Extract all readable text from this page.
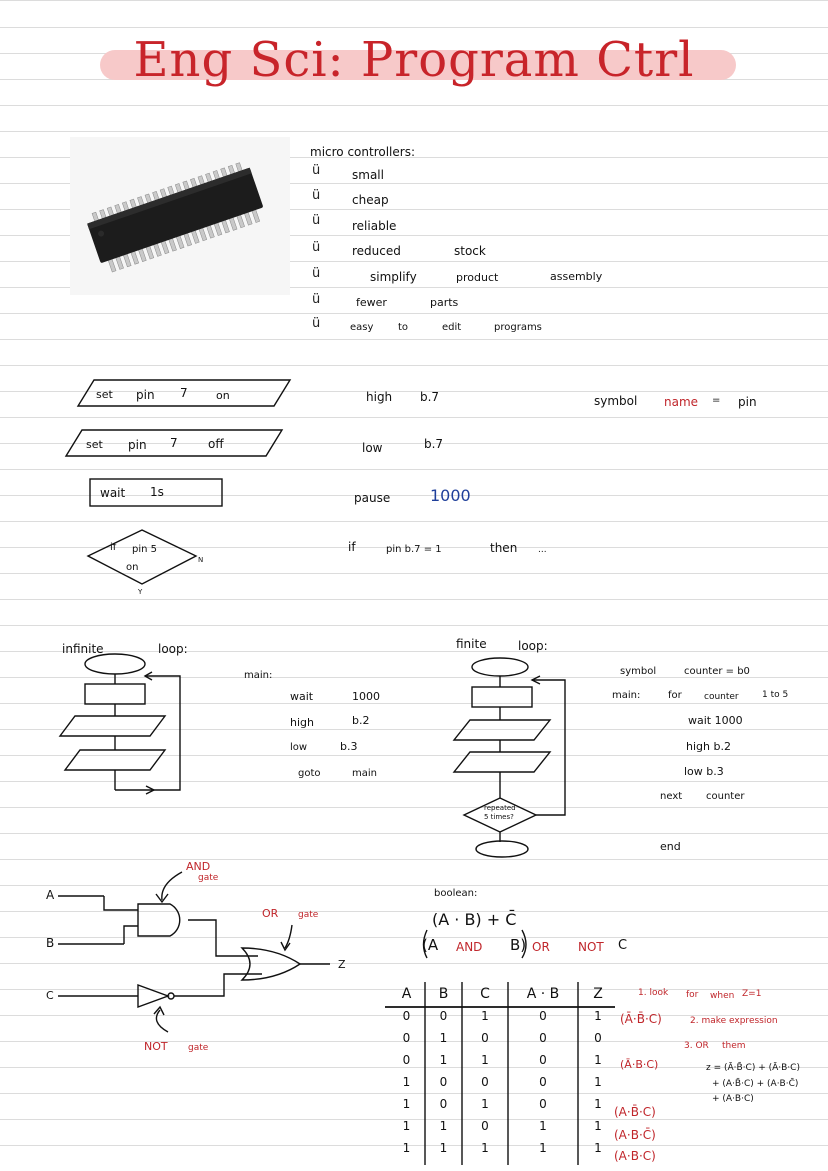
Eng Sci: Program Ctrl
micro controllers:
ü
ü
ü
ü
ü
ü
ü
small
cheap
reliable
reduced	stock
simplify	product	assembly
fewer	parts
easy to	edit	programs
set pin 7	on
set pin 7	off
wait 1s
if pin 5
on
N
Y
high b.7	symbol name = pin
low	b.7
pause 1000
if	pin b.7 = 1	then ...
infinite	loop:
main:
wait	1000
high	b.2
low	b.3
goto	main
finite	loop:
repeated
5 times?
symbol	counter = b0
main:	for counter	1 to 5
wait 1000
high b.2
low b.3
next counter
end
A
B
C
Z
AND
gate
OR gate
NOT gate
boolean:
(A · B) + C̄
(A AND B) OR NOT C
A	B	C	A · B	Z
0	0	1	0	1
0	1	0	0	0
0	1	1	0	1
1	0	0	0	1
1	0	1	0	1
1	1	0	1	1
1	1	1	1	1
(Ā·B̄·C)
(Ā·B·C)
(A·B̄·C)
(A·B·C̄)
(A·B·C)
1. look for when Z=1
2. make expression
3. OR them
z = (Ā·B̄·C) + (Ā·B·C)
+ (A·B̄·C) + (A·B·C̄)
+ (A·B·C)
